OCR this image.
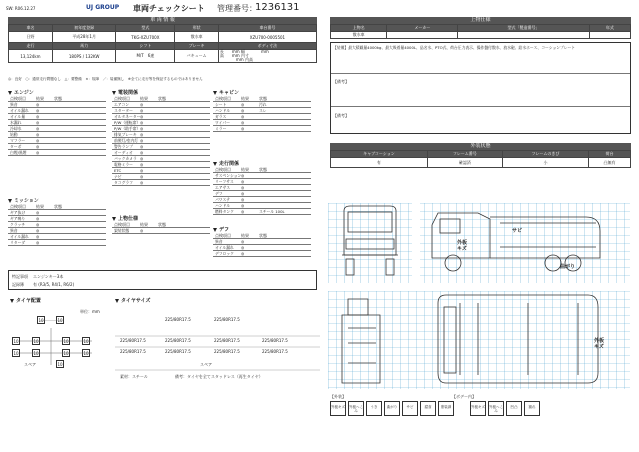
SW: R06.12.27	UJ GROUP 車両チェックシート 管理番号：
1236131
車 両 情 報
車名	初年度登録	型式	形状	車台番号
日野	平成28年1月	TKG-XZU700X	散水車	XZU700-0005501
走行	馬力	シフト	ブレーキ	ボディ寸法
13,124km	180PS / 132KW	M/T　6速	バキューム	長　　mm 幅　　　　mm
高　　mm 内寸
　　　　mm 内高
◎：良好　○：通常走行問題なし　△：要整備　×：故障　／：装備無し　※全てに走行等を保証するものではありません
エンジン
点検項目	結果	状態
異音	◎
オイル漏れ ◎
オイル量	◎
水漏れ	◎
冷却水	◎
始動	◎
マフラー	◎
ターボ	◎
白煙/黒煙	◎
電装関係
点検項目	結果	状態
エアコン	◎
スターター ◎
オルタネーター ◎
P/W（運転席） ◎
P/W（助手席） ◎
排気ブレーキ ◎
前照灯/室内灯 ◎
警告ランプ ◎
オーディオ ◎
バックカメラ ◎
電格ミラー ◎
ETC	◎
ナビ	◎
タコグラフ ◎
キャビン
点検項目	結果	状態
シート	◎	汚れ
ハンドル	◎	スレ
ガラス	◎
ワイパー	◎
ミラー	◎
走行関係
点検項目	結果	状態
サスペンション ◎
リーフサス ◎
エアサス	◎
デフ	◎
パワステ	◎
ハンドル	◎
燃料タンク ◎	スチール 100L
ミッション
点検項目	結果	状態
ギア抜け	◎
ギア鳴り	◎
クラッチ	◎
異音	◎
オイル漏れ ◎
リターダ	◎
上物仕様
点検項目	結果	状態
架装状態	◎	デフ
点検項目	結果	状態
異音	◎
オイル漏れ ◎
デフロック ◎
特記事項 エンジンキー3本
記録簿 有 (R3/5, R4/1, R6/2)
タイヤ配置
単位：mm
10	10
10	10	10	10
10	10	10	10
スペア	10
タイヤサイズ
225/80R17.5	225/80R17.5
225/80R17.5	225/80R17.5	225/80R17.5	225/80R17.5
225/80R17.5	225/80R17.5	225/80R17.5	225/80R17.5
スペア
素材：スチール	備考：タイヤを全てスタッドレス（再生タイヤ）
上物仕様
上物名	メーカー	型式「製造番号」	年式
散水車			
【装備】最大積載量4000kg、最大吸着量4000L、品名水、PTO式、荷台圧力表示、操作盤付散水、放水砲、給水ホース、コーションプレート
【備考】
【備考】
外装状態
キャブコーション	フレーム番号	フレームのきび	荷台
有	確認済	小	凸無有
サビ
外板キズ
曲がり
外板キズ
【外装】	【ボデー内】
外板キズ 外板へこみ
うき	曲がり	サビ	腐食	塗装剥	外板キズ 外板へこみ
凹凸	割れ
